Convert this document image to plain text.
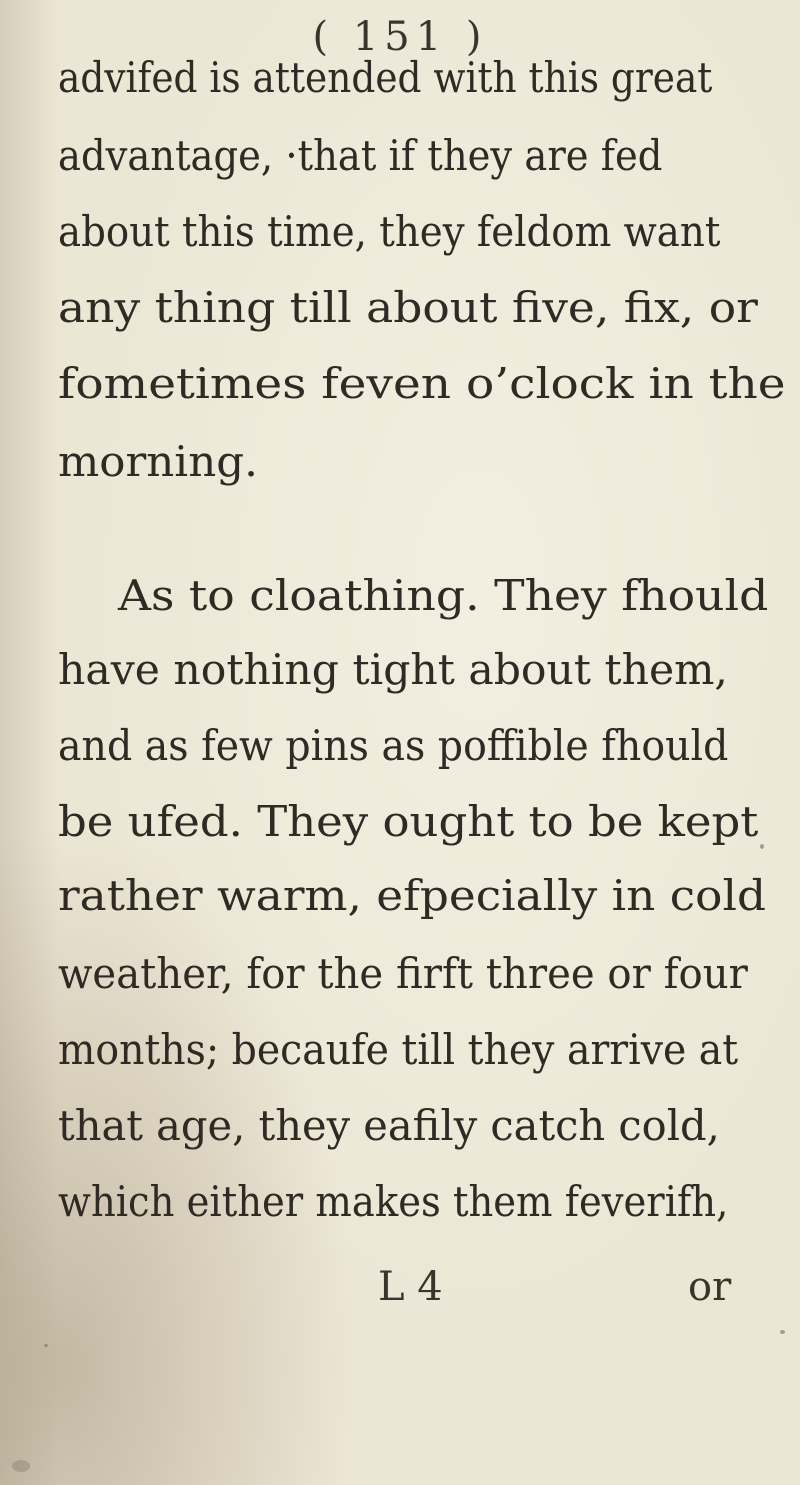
( 151 )
advifed is attended with this great
advantage, ·that if they are fed
about this time, they feldom want
any thing till about five, fix, or
fometimes feven o’clock in the
morning.
As to cloathing. They fhould
have nothing tight about them,
and as few pins as poffible fhould
be ufed. They ought to be kept
rather warm, efpecially in cold
weather, for the firft three or four
months; becaufe till they arrive at
that age, they eafily catch cold,
which either makes them feverifh,
L 4	or
